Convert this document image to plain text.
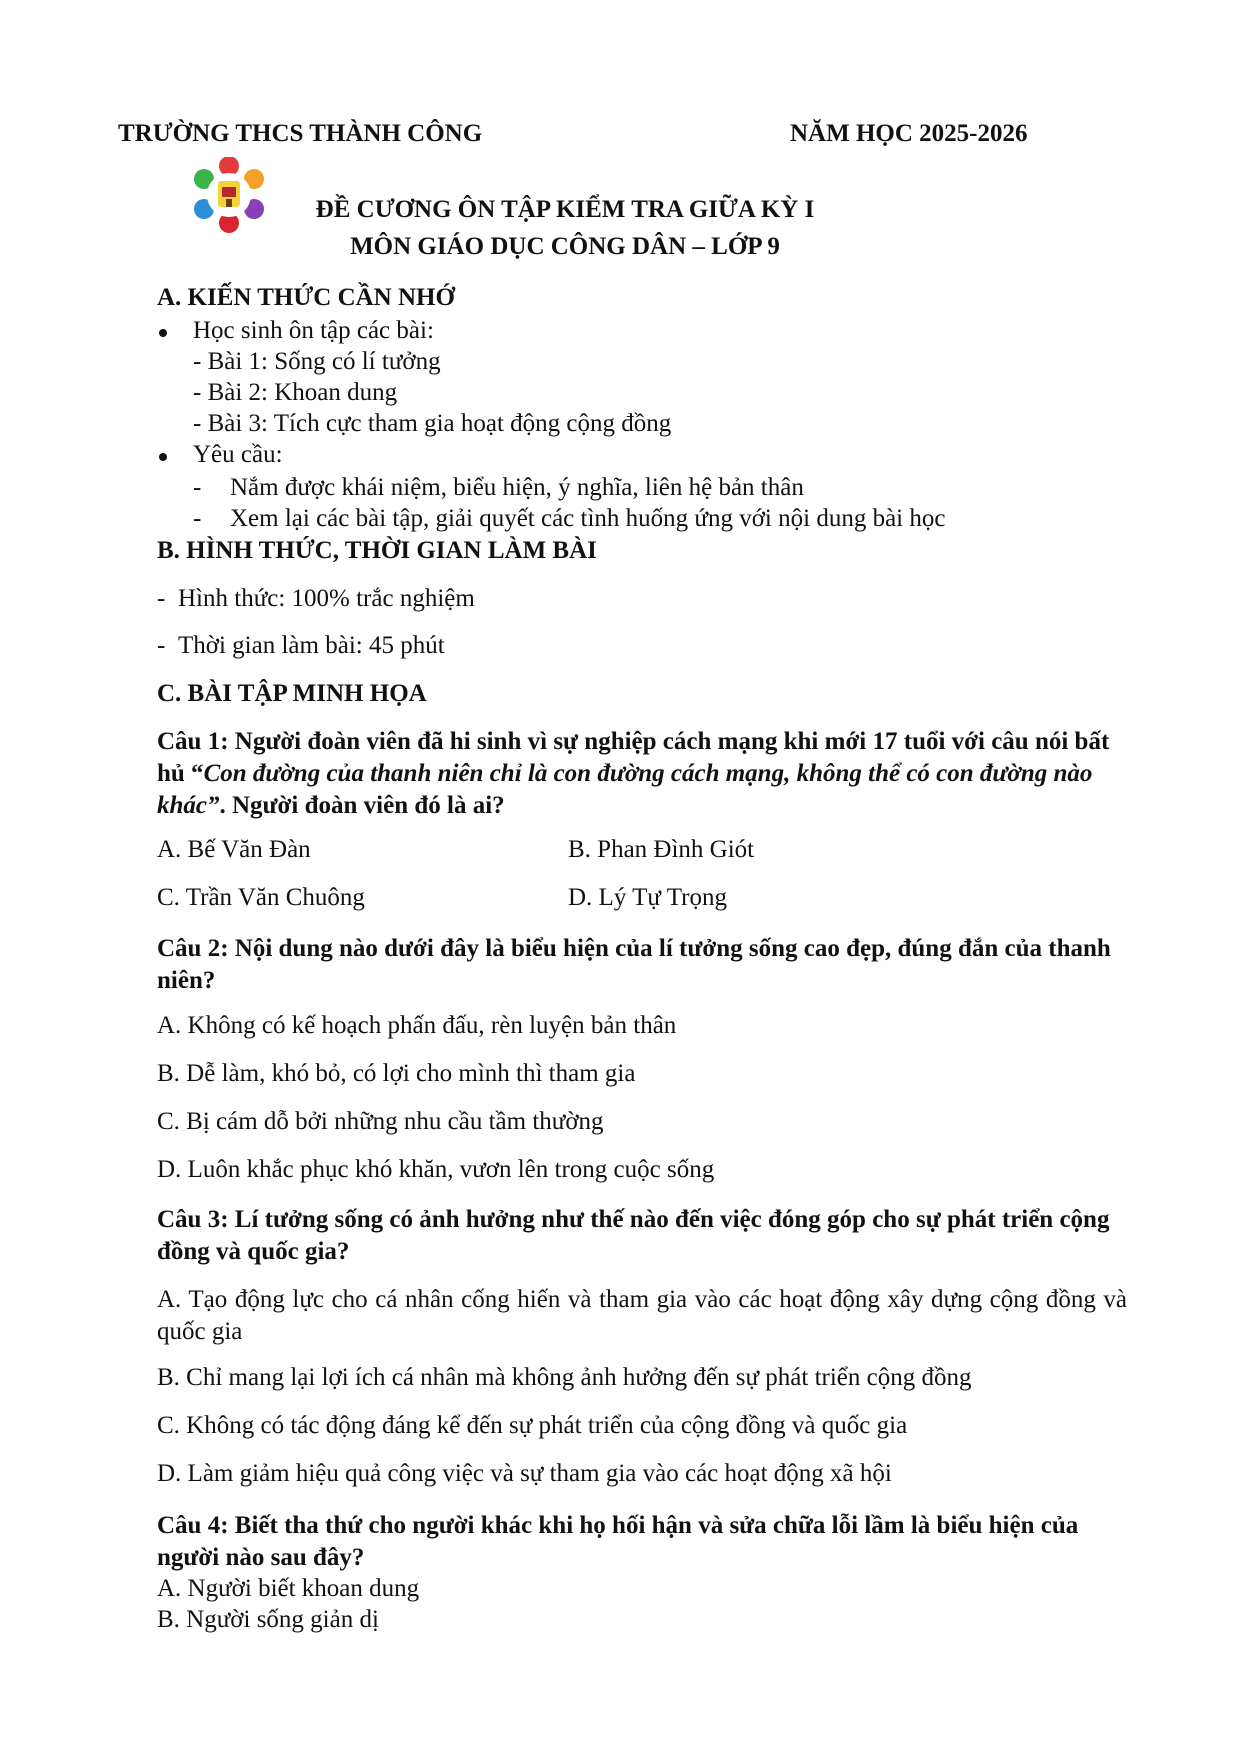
TRƯỜNG THCS THÀNH CÔNG	NĂM HỌC 2025-2026
ĐỀ CƯƠNG ÔN TẬP KIỂM TRA GIỮA KỲ I
MÔN GIÁO DỤC CÔNG DÂN – LỚP 9
A. KIẾN THỨC CẦN NHỚ
Học sinh ôn tập các bài:
- Bài 1: Sống có lí tưởng
- Bài 2: Khoan dung
- Bài 3: Tích cực tham gia hoạt động cộng đồng
Yêu cầu:
- Nắm được khái niệm, biểu hiện, ý nghĩa, liên hệ bản thân
- Xem lại các bài tập, giải quyết các tình huống ứng với nội dung bài học
B. HÌNH THỨC, THỜI GIAN LÀM BÀI
- Hình thức: 100% trắc nghiệm
- Thời gian làm bài: 45 phút
C. BÀI TẬP MINH HỌA
Câu 1: Người đoàn viên đã hi sinh vì sự nghiệp cách mạng khi mới 17 tuổi với câu nói bất hủ “Con đường của thanh niên chỉ là con đường cách mạng, không thể có con đường nào khác”. Người đoàn viên đó là ai?
A. Bế Văn Đàn	B. Phan Đình Giót
C. Trần Văn Chuông	D. Lý Tự Trọng
Câu 2: Nội dung nào dưới đây là biểu hiện của lí tưởng sống cao đẹp, đúng đắn của thanh niên?
A. Không có kế hoạch phấn đấu, rèn luyện bản thân
B. Dễ làm, khó bỏ, có lợi cho mình thì tham gia
C. Bị cám dỗ bởi những nhu cầu tầm thường
D. Luôn khắc phục khó khăn, vươn lên trong cuộc sống
Câu 3: Lí tưởng sống có ảnh hưởng như thế nào đến việc đóng góp cho sự phát triển cộng đồng và quốc gia?
A. Tạo động lực cho cá nhân cống hiến và tham gia vào các hoạt động xây dựng cộng đồng và quốc gia
B. Chỉ mang lại lợi ích cá nhân mà không ảnh hưởng đến sự phát triển cộng đồng
C. Không có tác động đáng kể đến sự phát triển của cộng đồng và quốc gia
D. Làm giảm hiệu quả công việc và sự tham gia vào các hoạt động xã hội
Câu 4: Biết tha thứ cho người khác khi họ hối hận và sửa chữa lỗi lầm là biểu hiện của người nào sau đây?
A. Người biết khoan dung
B. Người sống giản dị
